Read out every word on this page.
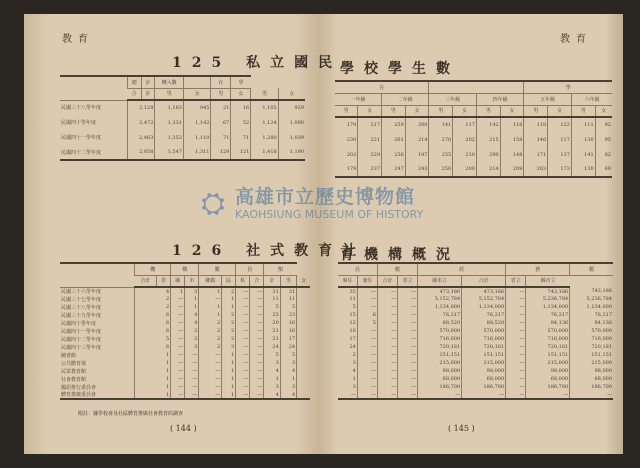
教育	教育
125 私立國民
學校學生數
126 社式教育社
育機構概況
	總	計	轉入數		在	學		
	合	計	男	女	男	女	男	女
民國三十八學年度	2,128		1,183	945	21	16	1,105	929
民國四十學年度	2,472		1,331	1,142	67	52	1,124	1,090
民國四十一學年度	2,463		1,353	1,110	71	71	1,280	1,039
民國四十二學年度	2,858		1,547	1,311	129	121	1,418	1,190
在								學			
一年級		二年級		三年級		四年級		五年級		六年級	
男	女	男	女	男	女	男	女	男	女	男	女
179	217	259	200	141	117	142	116	118	122	111	92
230	221	261	214	270	202	215	158	146	117	130	95
202	229	256	197	255	210	290	148	171	137	141	82
179	237	247	243	250	200	214	209	203	173	130	69
	機		構		數		員		額		
	合計	省	縣	市	鄉鎮	區	私	合	計	男	女
民國三十六學年度	4		1	3	1	2	—	—	31	21	
民國三十七學年度	2		—	1	—	1	—	—	11	11	
民國三十八學年度	2		—	1	1	1	—	—	5	5	
民國三十九學年度	6		—	4	1	2	—	—	25	23	
民國四十學年度	6		—	4	2	2	—	—	20	16	
民國四十一學年度	6		—	2	2	2	—	—	21	16	
民國四十二學年度	5		—	2	2	2	—	—	21	17	
民國四十三學年度	6		—	3	2	3	—	—	24	24	
圖書館	1		—	—	—	1	—	—	5	5	
公共體育場	1		—	—	—	1	—	—	3	3	
民眾教育館	1		—	—	—	1	—	—	4	4	
社會教育館	1		—	—	—	1	—	—	1	1	
國語推行委員會	1		—	—	—	1	—	—	3	3	
體育推廣委員會	1		—	—	—	1	—	—	4	4	
員		數		經		費		數
專任	兼任	合計	省立	縣市立	合計	省立	縣市立	
35	—	—	—	473,186	473,186	—	743,186	743,186
11	—	—	—	5,152,784	5,152,784	—	5,236,784	5,236,784
5	—	—	—	1,134,000	1,134,000	—	1,134,000	1,134,000
15	6	—	—	76,217	76,217	—	76,217	76,217
12	5	—	—	88,520	88,520	—	84,136	84,136
16	—	—	—	570,000	570,000	—	570,000	570,000
17	—	—	—	716,000	716,000	—	716,000	716,000
24	—	—	—	720,181	720,181	—	720,181	720,181
2	—	—	—	151,151	151,151	—	151,151	151,151
3	—	—	—	215,000	215,000	—	215,000	215,000
4	—	—	—	98,000	98,000	—	98,000	98,000
1	—	—	—	68,000	68,000	—	68,000	68,000
3	—	—	—	186,700	186,700	—	186,700	186,700
—	—	—	—	—	—	—	—	—
附註：據學校會及社區體育推廣社會教育的調查
( 144 )	( 145 )
⛭ 高雄市立歷史博物館
KAOHSIUNG MUSEUM OF HISTORY
